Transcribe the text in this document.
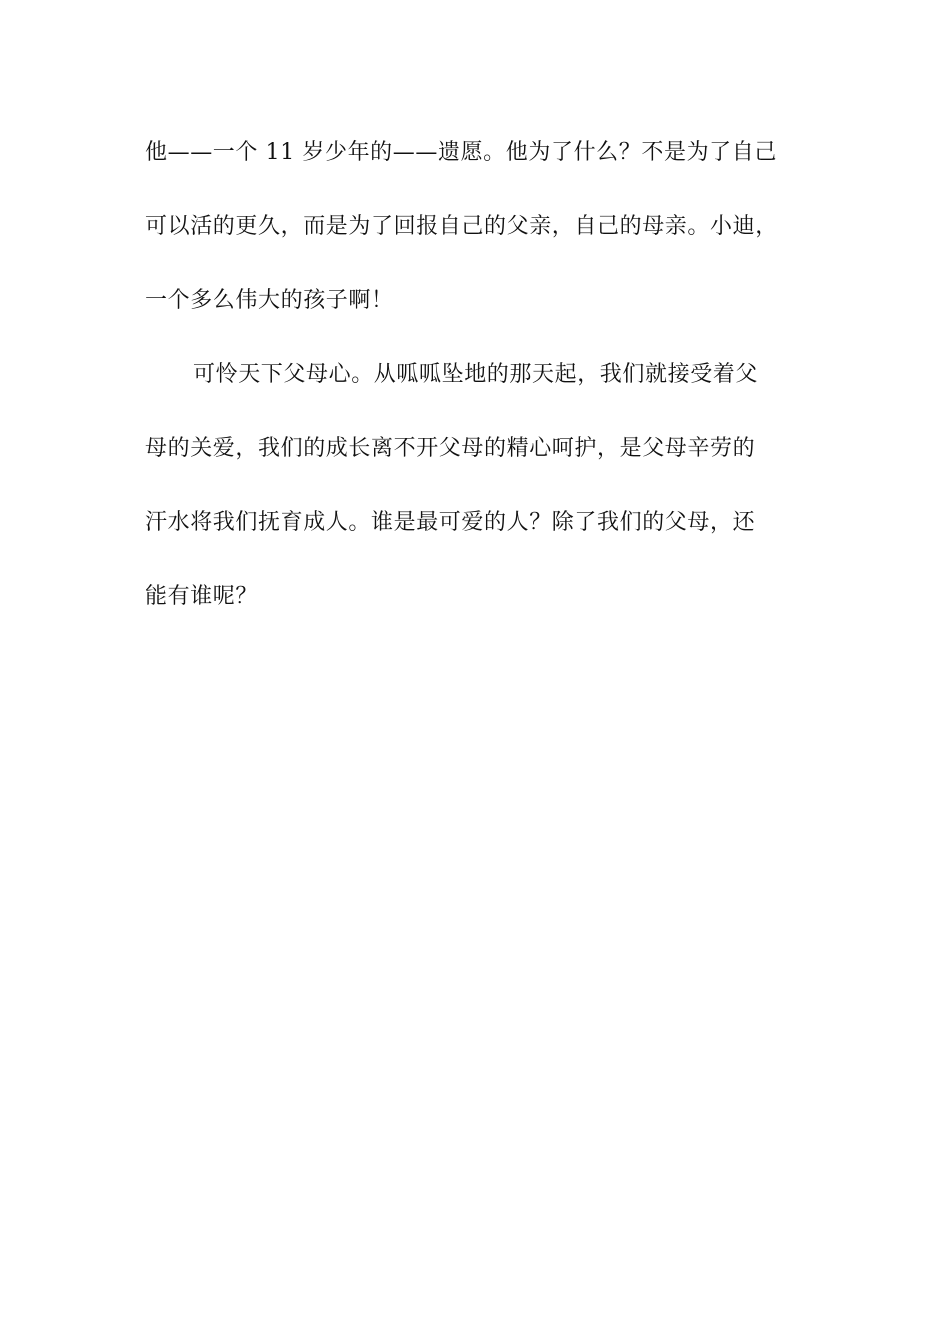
他——一个 11 岁少年的——遗愿。他为了什么？不是为了自己
可以活的更久，而是为了回报自己的父亲，自己的母亲。小迪，
一个多么伟大的孩子啊！
可怜天下父母心。从呱呱坠地的那天起，我们就接受着父
母的关爱，我们的成长离不开父母的精心呵护，是父母辛劳的
汗水将我们抚育成人。谁是最可爱的人？除了我们的父母，还
能有谁呢？
